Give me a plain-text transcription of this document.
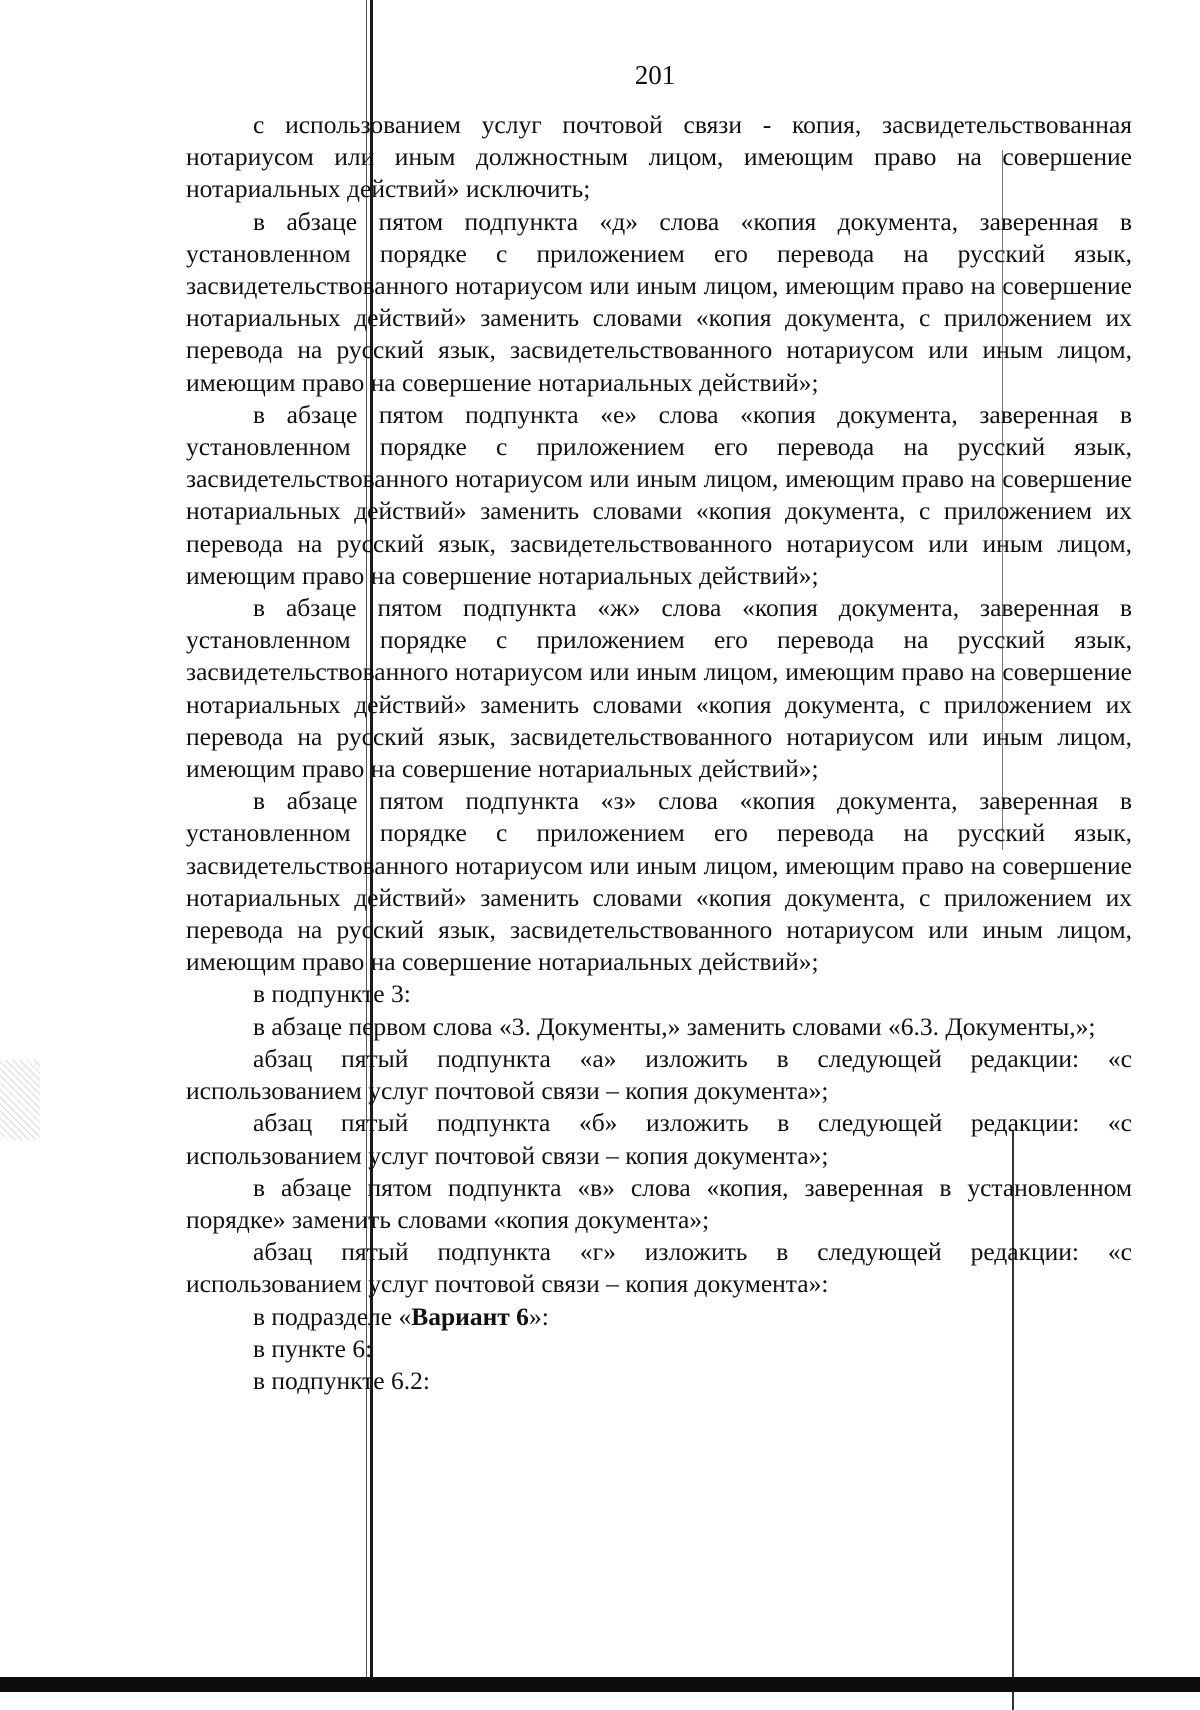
201

с использованием услуг почтовой связи - копия, засвидетельствованная нотариусом или иным должностным лицом, имеющим право на совершение нотариальных действий» исключить;

в абзаце пятом подпункта «д» слова «копия документа, заверенная в установленном порядке с приложением его перевода на русский язык, засвидетельствованного нотариусом или иным лицом, имеющим право на совершение нотариальных действий» заменить словами «копия документа, с приложением их перевода на русский язык, засвидетельствованного нотариусом или иным лицом, имеющим право на совершение нотариальных действий»;

в абзаце пятом подпункта «е» слова «копия документа, заверенная в установленном порядке с приложением его перевода на русский язык, засвидетельствованного нотариусом или иным лицом, имеющим право на совершение нотариальных действий» заменить словами «копия документа, с приложением их перевода на русский язык, засвидетельствованного нотариусом или иным лицом, имеющим право на совершение нотариальных действий»;

в абзаце пятом подпункта «ж» слова «копия документа, заверенная в установленном порядке с приложением его перевода на русский язык, засвидетельствованного нотариусом или иным лицом, имеющим право на совершение нотариальных действий» заменить словами «копия документа, с приложением их перевода на русский язык, засвидетельствованного нотариусом или иным лицом, имеющим право на совершение нотариальных действий»;

в абзаце пятом подпункта «з» слова «копия документа, заверенная в установленном порядке с приложением его перевода на русский язык, засвидетельствованного нотариусом или иным лицом, имеющим право на совершение нотариальных действий» заменить словами «копия документа, с приложением их перевода на русский язык, засвидетельствованного нотариусом или иным лицом, имеющим право на совершение нотариальных действий»;

в подпункте 3:

в абзаце первом слова «3. Документы,» заменить словами «6.3. Документы,»;

абзац пятый подпункта «а» изложить в следующей редакции: «с использованием услуг почтовой связи – копия документа»;

абзац пятый подпункта «б» изложить в следующей редакции: «с использованием услуг почтовой связи – копия документа»;

в абзаце пятом подпункта «в» слова «копия, заверенная в установленном порядке» заменить словами «копия документа»;

абзац пятый подпункта «г» изложить в следующей редакции: «с использованием услуг почтовой связи – копия документа»:

в подразделе «Вариант 6»:

в пункте 6:

в подпункте 6.2:
